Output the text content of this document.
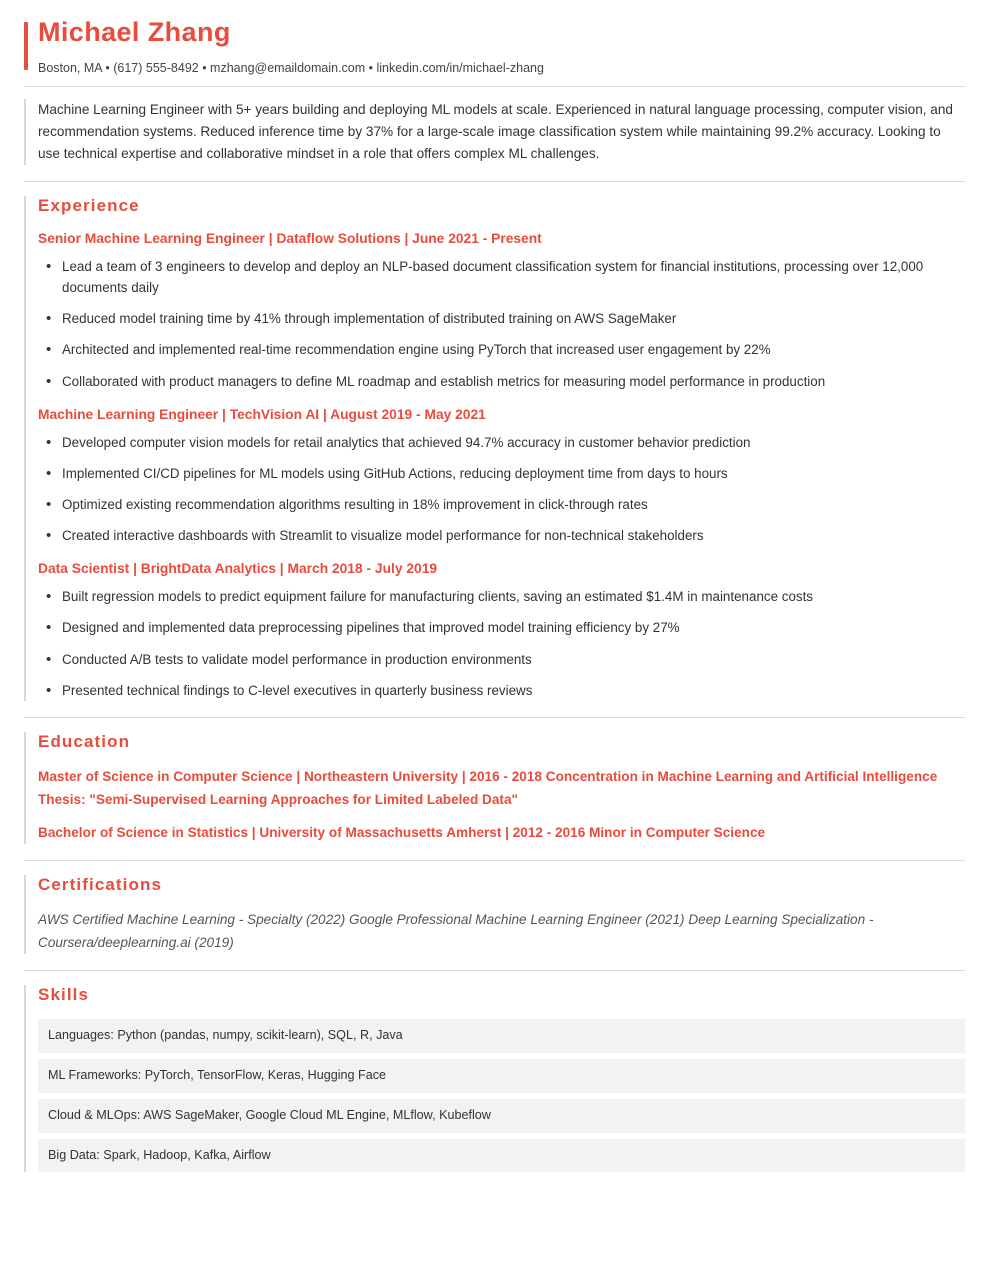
Michael Zhang
Boston, MA • (617) 555-8492 • mzhang@emaildomain.com • linkedin.com/in/michael-zhang

Machine Learning Engineer with 5+ years building and deploying ML models at scale. Experienced in natural language processing, computer vision, and recommendation systems. Reduced inference time by 37% for a large-scale image classification system while maintaining 99.2% accuracy. Looking to use technical expertise and collaborative mindset in a role that offers complex ML challenges.

Experience
Senior Machine Learning Engineer | Dataflow Solutions | June 2021 - Present
• Lead a team of 3 engineers to develop and deploy an NLP-based document classification system for financial institutions, processing over 12,000 documents daily
• Reduced model training time by 41% through implementation of distributed training on AWS SageMaker
• Architected and implemented real-time recommendation engine using PyTorch that increased user engagement by 22%
• Collaborated with product managers to define ML roadmap and establish metrics for measuring model performance in production
Machine Learning Engineer | TechVision AI | August 2019 - May 2021
• Developed computer vision models for retail analytics that achieved 94.7% accuracy in customer behavior prediction
• Implemented CI/CD pipelines for ML models using GitHub Actions, reducing deployment time from days to hours
• Optimized existing recommendation algorithms resulting in 18% improvement in click-through rates
• Created interactive dashboards with Streamlit to visualize model performance for non-technical stakeholders
Data Scientist | BrightData Analytics | March 2018 - July 2019
• Built regression models to predict equipment failure for manufacturing clients, saving an estimated $1.4M in maintenance costs
• Designed and implemented data preprocessing pipelines that improved model training efficiency by 27%
• Conducted A/B tests to validate model performance in production environments
• Presented technical findings to C-level executives in quarterly business reviews
Education

Master of Science in Computer Science | Northeastern University | 2016 - 2018 Concentration in Machine Learning and Artificial Intelligence Thesis: "Semi-Supervised Learning Approaches for Limited Labeled Data"

Bachelor of Science in Statistics | University of Massachusetts Amherst | 2012 - 2016 Minor in Computer Science

Certifications

AWS Certified Machine Learning - Specialty (2022) Google Professional Machine Learning Engineer (2021) Deep Learning Specialization - Coursera/deeplearning.ai (2019)

Skills
Languages: Python (pandas, numpy, scikit-learn), SQL, R, Java
ML Frameworks: PyTorch, TensorFlow, Keras, Hugging Face
Cloud & MLOps: AWS SageMaker, Google Cloud ML Engine, MLflow, Kubeflow
Big Data: Spark, Hadoop, Kafka, Airflow
